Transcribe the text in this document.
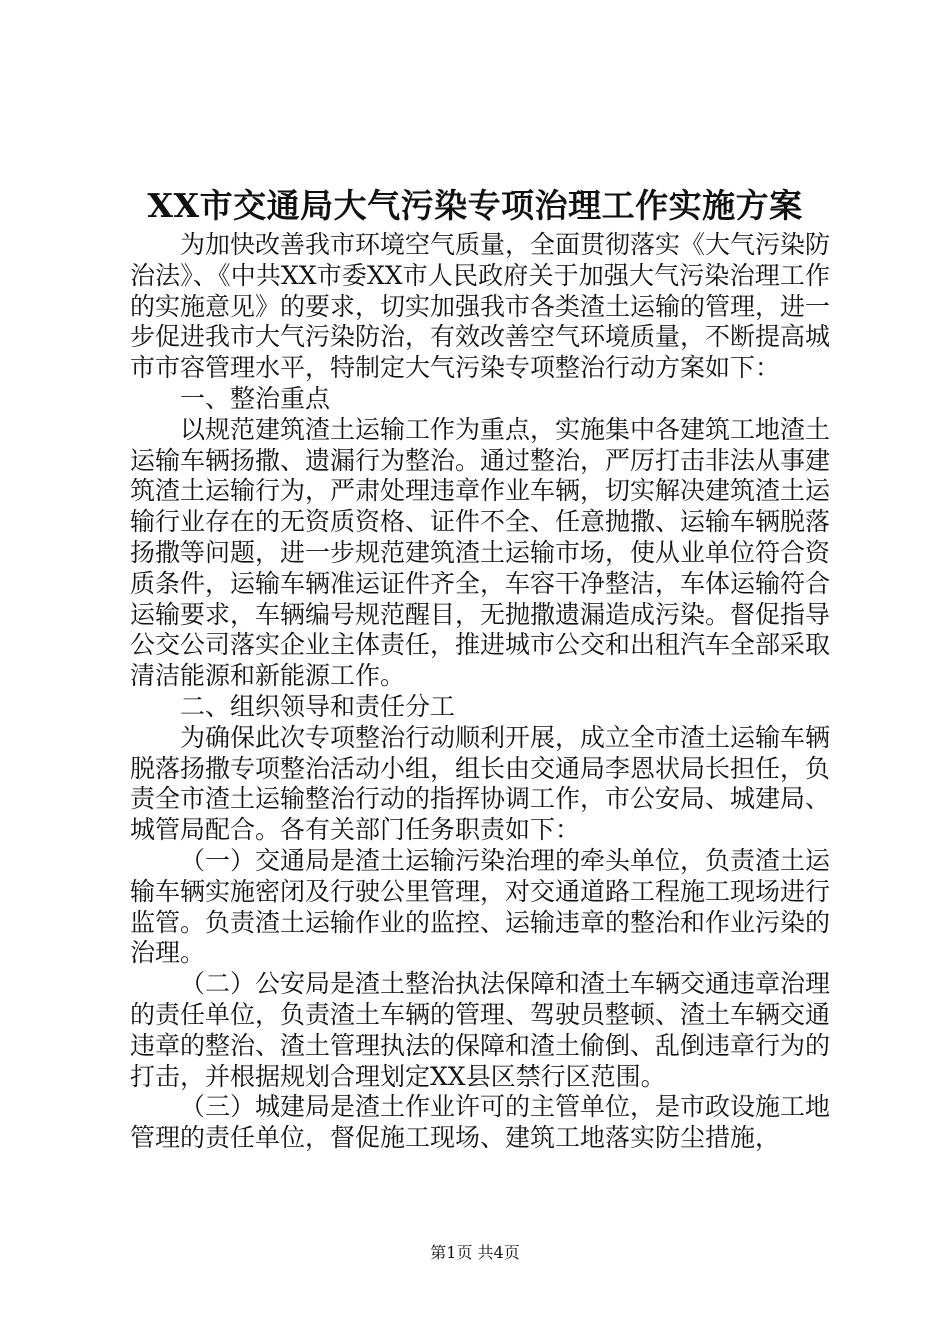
XX市交通局大气污染专项治理工作实施方案

为加快改善我市环境空气质量，全面贯彻落实《大气污染防治法》、《中共XX市委XX市人民政府关于加强大气污染治理工作的实施意见》的要求，切实加强我市各类渣土运输的管理，进一步促进我市大气污染防治，有效改善空气环境质量，不断提高城市市容管理水平，特制定大气污染专项整治行动方案如下：

一、整治重点

以规范建筑渣土运输工作为重点，实施集中各建筑工地渣土运输车辆扬撒、遗漏行为整治。通过整治，严厉打击非法从事建筑渣土运输行为，严肃处理违章作业车辆，切实解决建筑渣土运输行业存在的无资质资格、证件不全、任意抛撒、运输车辆脱落扬撒等问题，进一步规范建筑渣土运输市场，使从业单位符合资质条件，运输车辆准运证件齐全，车容干净整洁，车体运输符合运输要求，车辆编号规范醒目，无抛撒遗漏造成污染。督促指导公交公司落实企业主体责任，推进城市公交和出租汽车全部采取清洁能源和新能源工作。

二、组织领导和责任分工

为确保此次专项整治行动顺利开展，成立全市渣土运输车辆脱落扬撒专项整治活动小组，组长由交通局李恩状局长担任，负责全市渣土运输整治行动的指挥协调工作，市公安局、城建局、城管局配合。各有关部门任务职责如下：

（一）交通局是渣土运输污染治理的牵头单位，负责渣土运输车辆实施密闭及行驶公里管理，对交通道路工程施工现场进行监管。负责渣土运输作业的监控、运输违章的整治和作业污染的治理。

（二）公安局是渣土整治执法保障和渣土车辆交通违章治理的责任单位，负责渣土车辆的管理、驾驶员整顿、渣土车辆交通违章的整治、渣土管理执法的保障和渣土偷倒、乱倒违章行为的打击，并根据规划合理划定XX县区禁行区范围。

（三）城建局是渣土作业许可的主管单位，是市政设施工地管理的责任单位，督促施工现场、建筑工地落实防尘措施，

第1页 共4页
